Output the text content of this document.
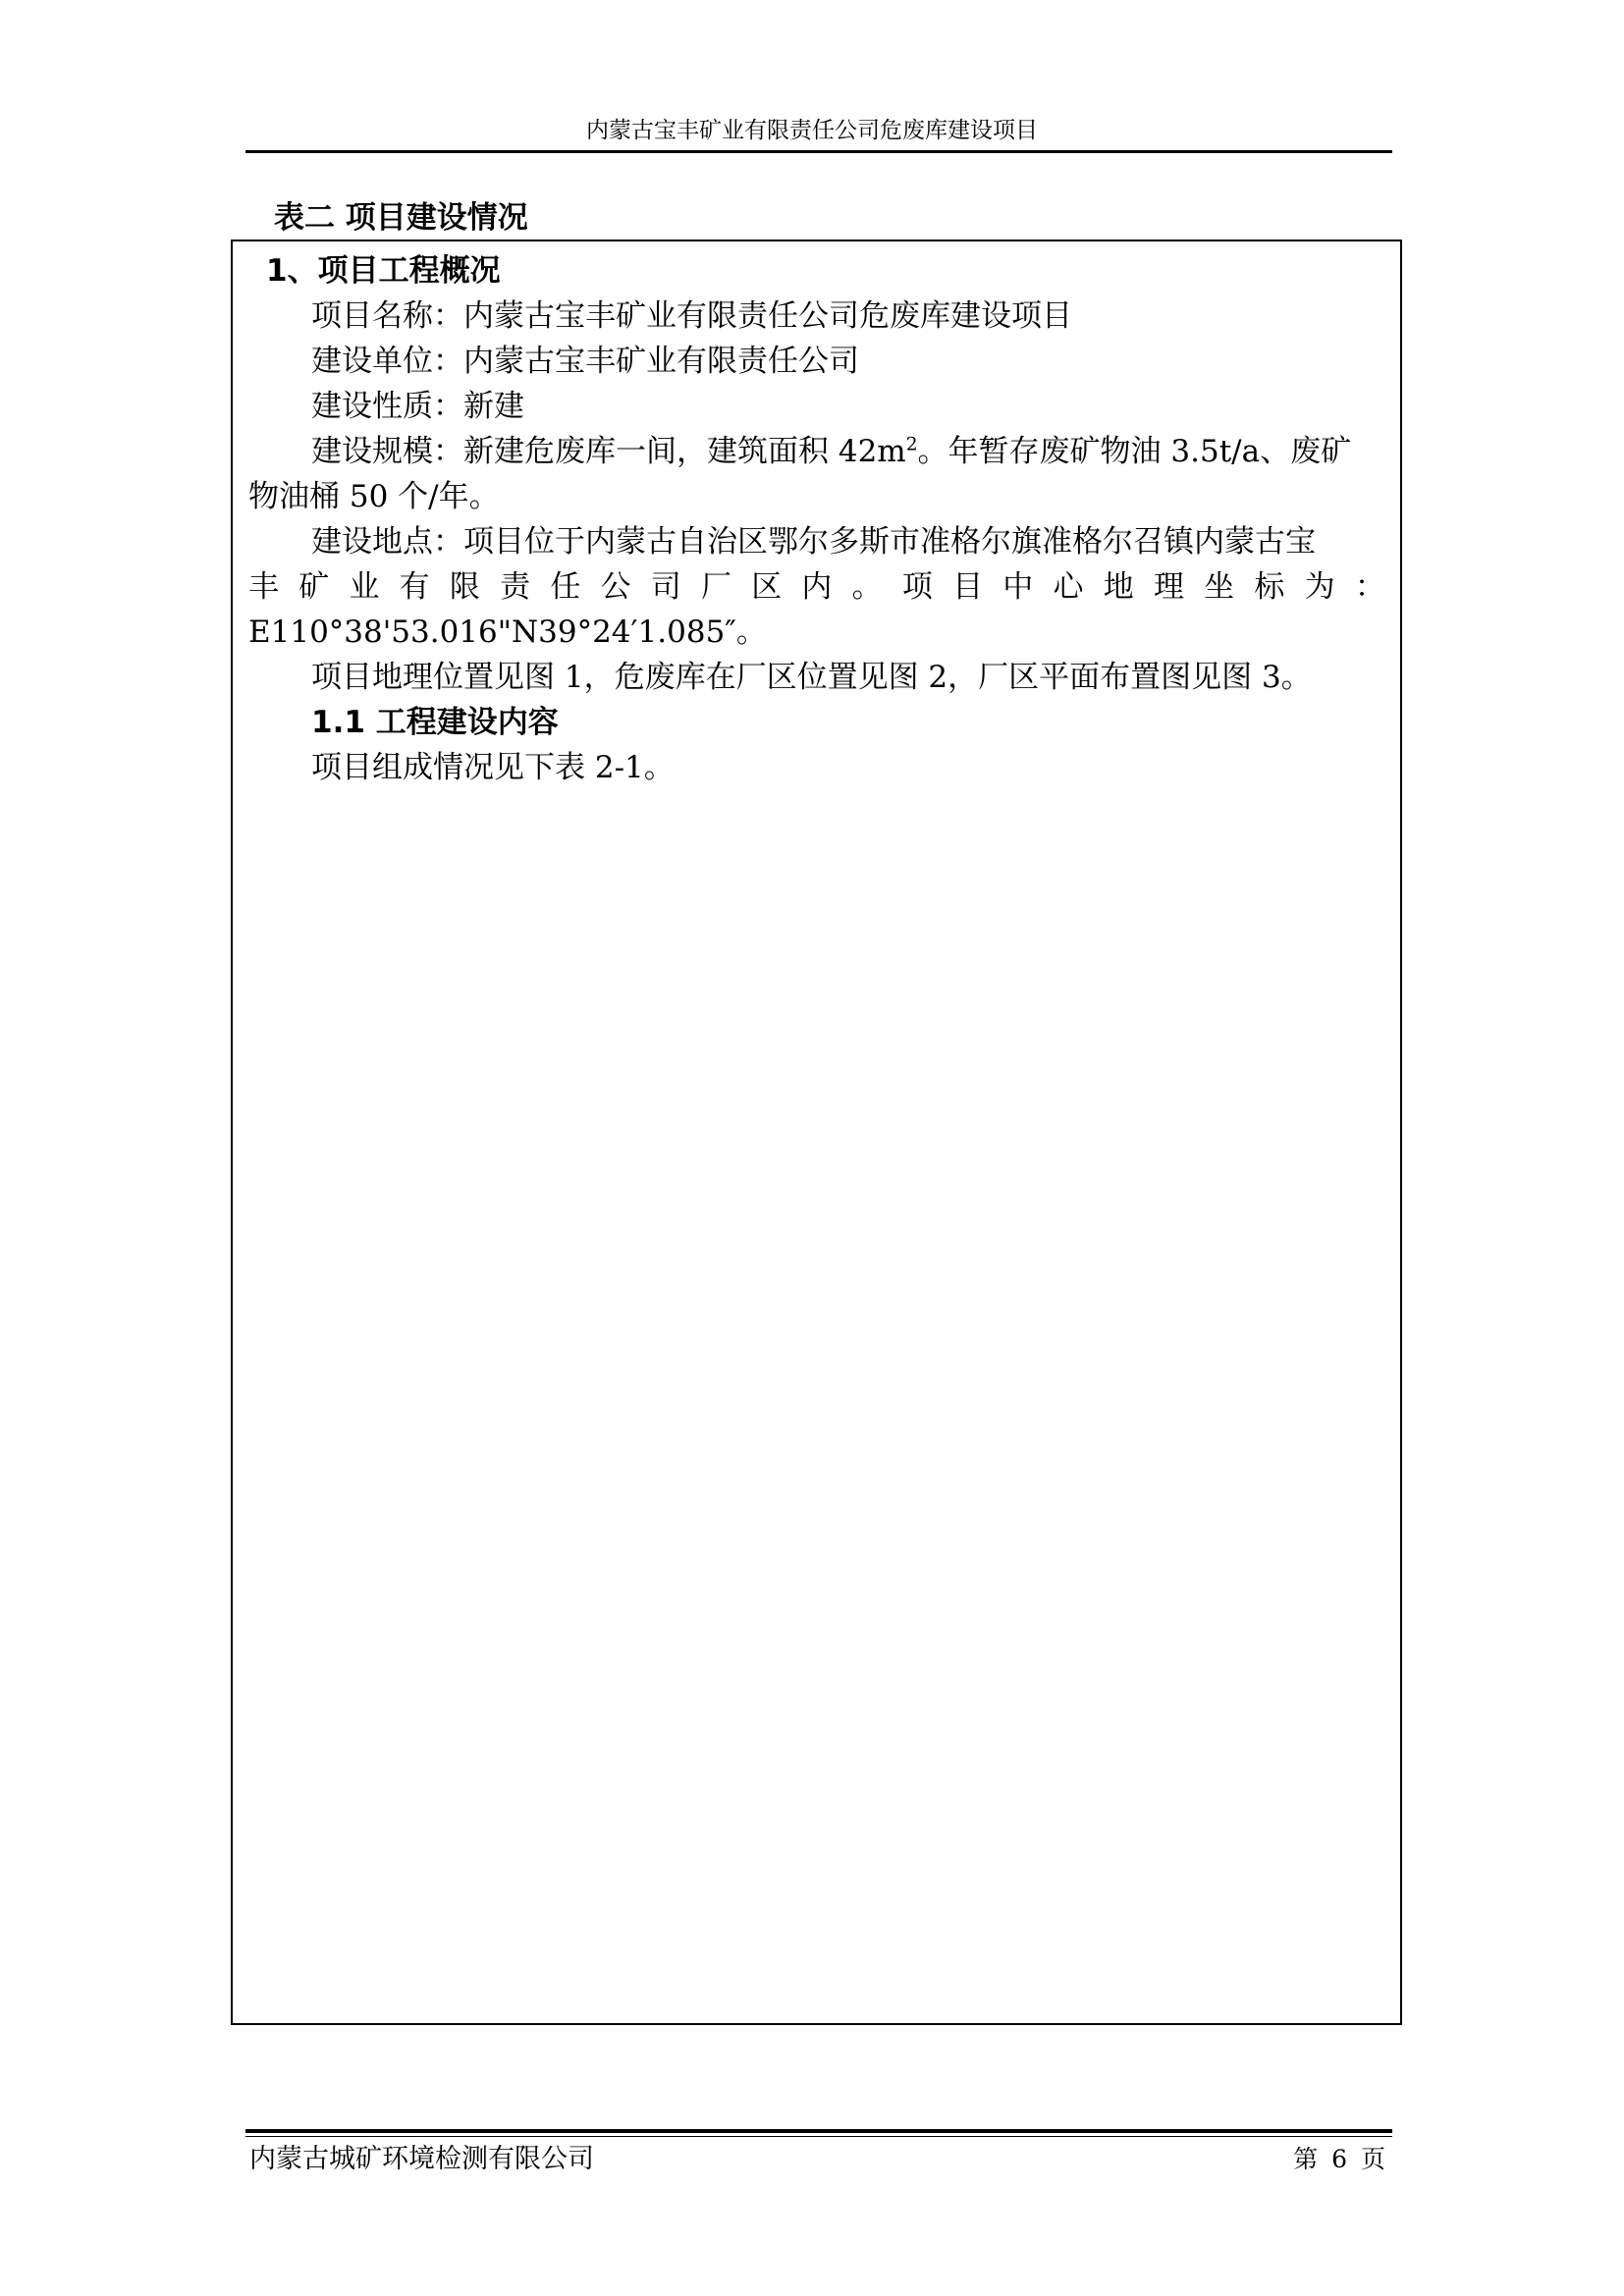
内蒙古宝丰矿业有限责任公司危废库建设项目
表二 项目建设情况
1、项目工程概况
项目名称：内蒙古宝丰矿业有限责任公司危废库建设项目
建设单位：内蒙古宝丰矿业有限责任公司
建设性质：新建
建设规模：新建危废库一间，建筑面积 $42m^2$。年暂存废矿物油 3.5t/a、废矿
物油桶 50 个/年。
建设地点：项目位于内蒙古自治区鄂尔多斯市准格尔旗准格尔召镇内蒙古宝
丰 矿 业 有 限 责 任 公 司 厂 区 内 。 项 目 中 心 地 理 坐 标 为 ：
E110°38'53.016"N39°24′1.085″。
项目地理位置见图 1，危废库在厂区位置见图 2，厂区平面布置图见图 3。
1.1 工程建设内容
项目组成情况见下表 2-1。
内蒙古城矿环境检测有限公司	第 6 页
